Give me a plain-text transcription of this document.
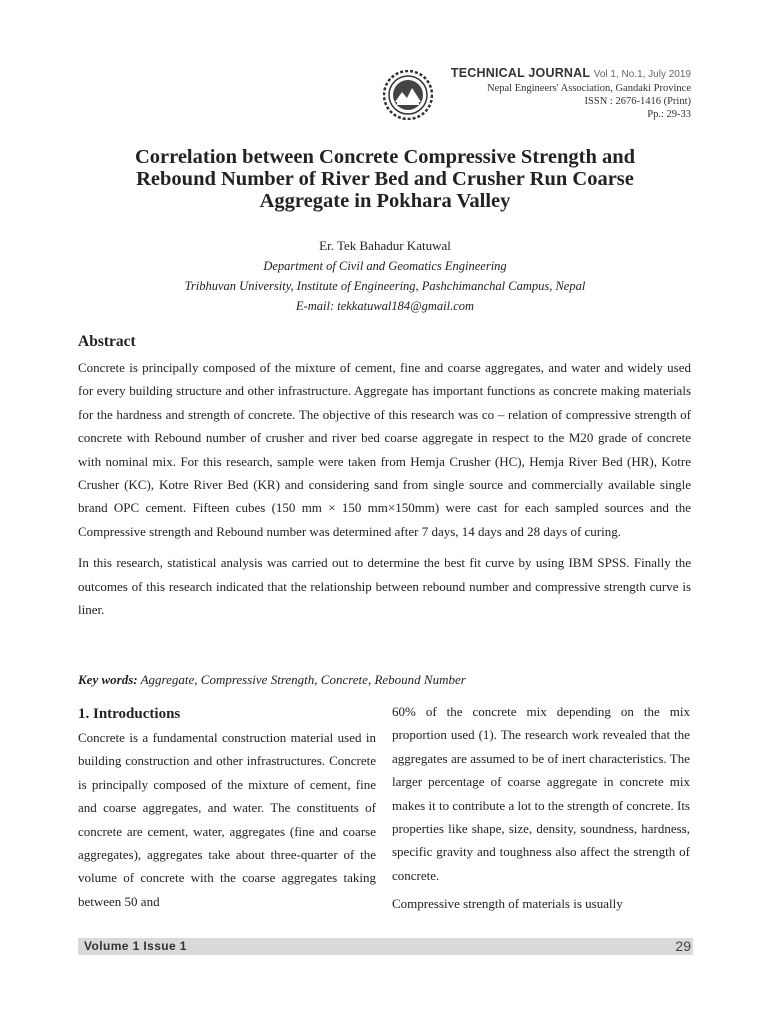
TECHNICAL JOURNAL Vol 1, No.1, July 2019
Nepal Engineers' Association, Gandaki Province
ISSN : 2676-1416 (Print)
Pp.: 29-33
Correlation between Concrete Compressive Strength and
Rebound Number of River Bed and Crusher Run Coarse
Aggregate in Pokhara Valley
Er. Tek Bahadur Katuwal
Department of Civil and Geomatics Engineering
Tribhuvan University, Institute of Engineering, Pashchimanchal Campus, Nepal
E-mail: tekkatuwal184@gmail.com
Abstract

Concrete is principally composed of the mixture of cement, fine and coarse aggregates, and water and widely used for every building structure and other infrastructure. Aggregate has important functions as concrete making materials for the hardness and strength of concrete. The objective of this research was co – relation of compressive strength of concrete with Rebound number of crusher and river bed coarse aggregate in respect to the M20 grade of concrete with nominal mix. For this research, sample were taken from Hemja Crusher (HC), Hemja River Bed (HR), Kotre Crusher (KC), Kotre River Bed (KR) and considering sand from single source and commercially available single brand OPC cement. Fifteen cubes (150 mm × 150 mm×150mm) were cast for each sampled sources and the Compressive strength and Rebound number was determined after 7 days, 14 days and 28 days of curing.

In this research, statistical analysis was carried out to determine the best fit curve by using IBM SPSS. Finally the outcomes of this research indicated that the relationship between rebound number and compressive strength curve is liner.

Key words: Aggregate, Compressive Strength, Concrete, Rebound Number

1. Introductions

Concrete is a fundamental construction material used in building construction and other infrastructures. Concrete is principally composed of the mixture of cement, fine and coarse aggregates, and water. The constituents of concrete are cement, water, aggregates (fine and coarse aggregates), aggregates take about three-quarter of the volume of concrete with the coarse aggregates taking between 50 and

60% of the concrete mix depending on the mix proportion used (1). The research work revealed that the aggregates are assumed to be of inert characteristics. The larger percentage of coarse aggregate in concrete mix makes it to contribute a lot to the strength of concrete. Its properties like shape, size, density, soundness, hardness, specific gravity and toughness also affect the strength of concrete.

Compressive strength of materials is usually

Volume 1 Issue 1	29
